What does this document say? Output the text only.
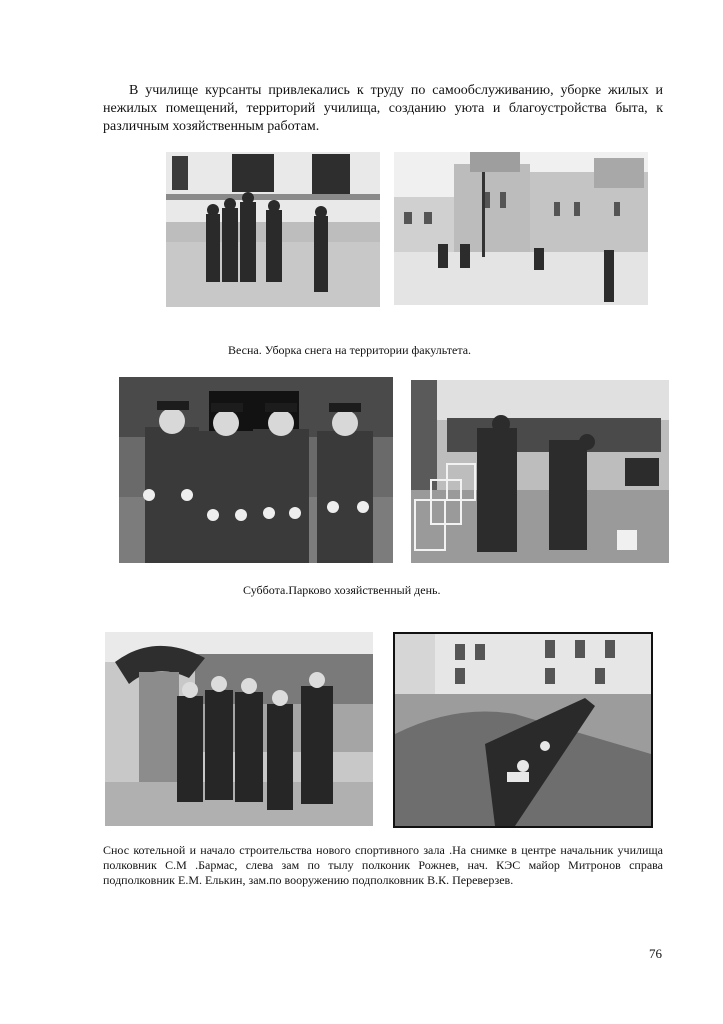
В училище курсанты привлекались к труду по самообслуживанию, уборке жилых и нежилых помещений, территорий училища, созданию уюта и благоустройства быта, к различным хозяйственным работам.

Весна. Уборка снега на территории факультета.
Суббота.Парково хозяйственный день.
Снос котельной и начало строительства нового спортивного зала .На снимке в центре начальник училища полковник С.М .Бармас, слева зам по тылу полконик Рожнев, нач. КЭС майор Митронов справа подполковник Е.М. Елькин, зам.по вооружению подполковник В.К. Переверзев.
76
